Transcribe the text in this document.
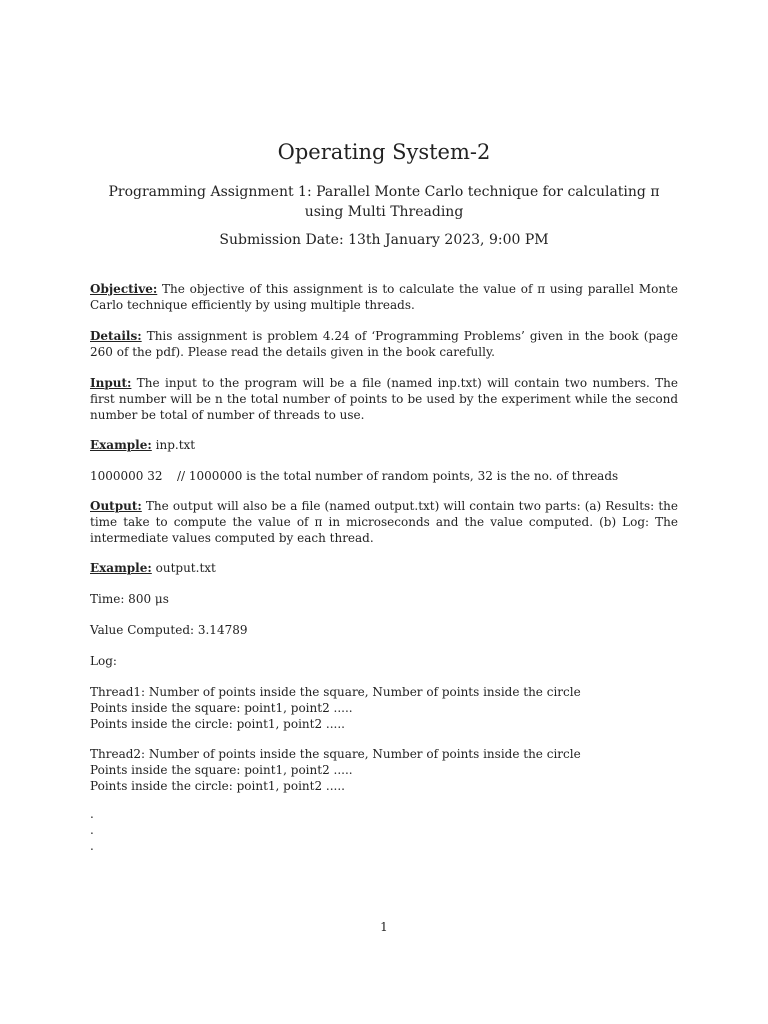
Operating System-2
Programming Assignment 1: Parallel Monte Carlo technique for calculating π
using Multi Threading
Submission Date: 13th January 2023, 9:00 PM
Objective: The objective of this assignment is to calculate the value of π using parallel Monte Carlo technique efficiently by using multiple threads.
Details: This assignment is problem 4.24 of ‘Programming Problems’ given in the book (page 260 of the pdf). Please read the details given in the book carefully.
Input: The input to the program will be a file (named inp.txt) will contain two numbers. The first number will be n the total number of points to be used by the experiment while the second number be total of number of threads to use.
Example: inp.txt
1000000 32 // 1000000 is the total number of random points, 32 is the no. of threads
Output: The output will also be a file (named output.txt) will contain two parts: (a) Results: the time take to compute the value of π in microseconds and the value computed. (b) Log: The intermediate values computed by each thread.
Example: output.txt
Time: 800 μs
Value Computed: 3.14789
Log:
Thread1: Number of points inside the square, Number of points inside the circle
Points inside the square: point1, point2 .....
Points inside the circle: point1, point2 .....
Thread2: Number of points inside the square, Number of points inside the circle
Points inside the square: point1, point2 .....
Points inside the circle: point1, point2 .....
.
.
.
1
